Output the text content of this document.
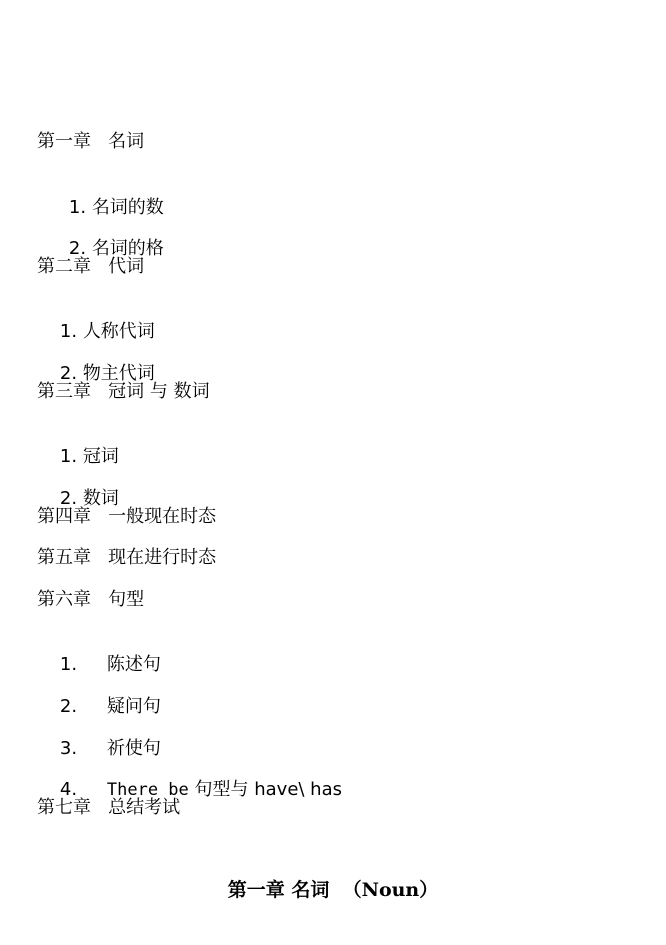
第一章   名词

1. 名词的数

2. 名词的格

第二章   代词

1. 人称代词

2. 物主代词

第三章   冠词 与 数词

1. 冠词

2. 数词

第四章   一般现在时态
第五章   现在进行时态
第六章   句型

1. 陈述句

2. 疑问句

3. 祈使句

4. There be 句型与 have\ has

第七章   总结考试
第一章 名词  （Noun）
